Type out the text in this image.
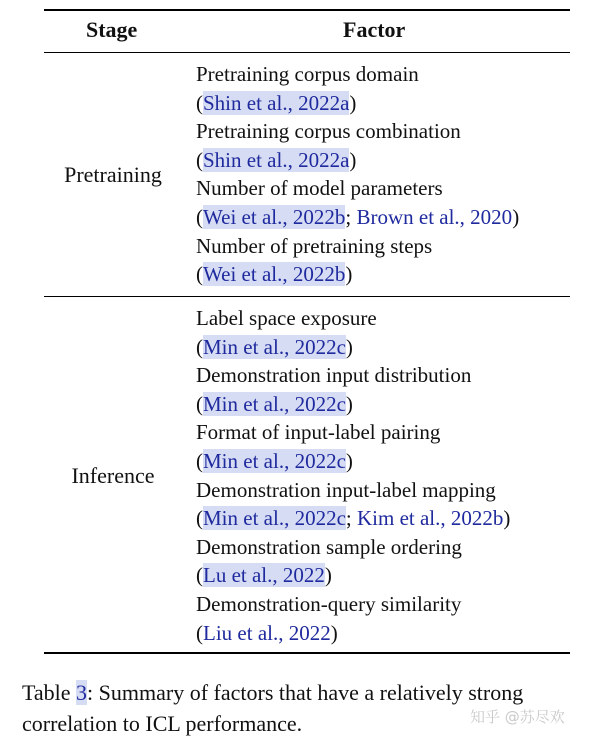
Stage	Factor
Pretraining
Pretraining corpus domain
(Shin et al., 2022a)
Pretraining corpus combination
(Shin et al., 2022a)
Number of model parameters
(Wei et al., 2022b; Brown et al., 2020)
Number of pretraining steps
(Wei et al., 2022b)
Inference
Label space exposure
(Min et al., 2022c)
Demonstration input distribution
(Min et al., 2022c)
Format of input-label pairing
(Min et al., 2022c)
Demonstration input-label mapping
(Min et al., 2022c; Kim et al., 2022b)
Demonstration sample ordering
(Lu et al., 2022)
Demonstration-query similarity
(Liu et al., 2022)
Table 3: Summary of factors that have a relatively strong correlation to ICL performance.	知乎 @苏尽欢
